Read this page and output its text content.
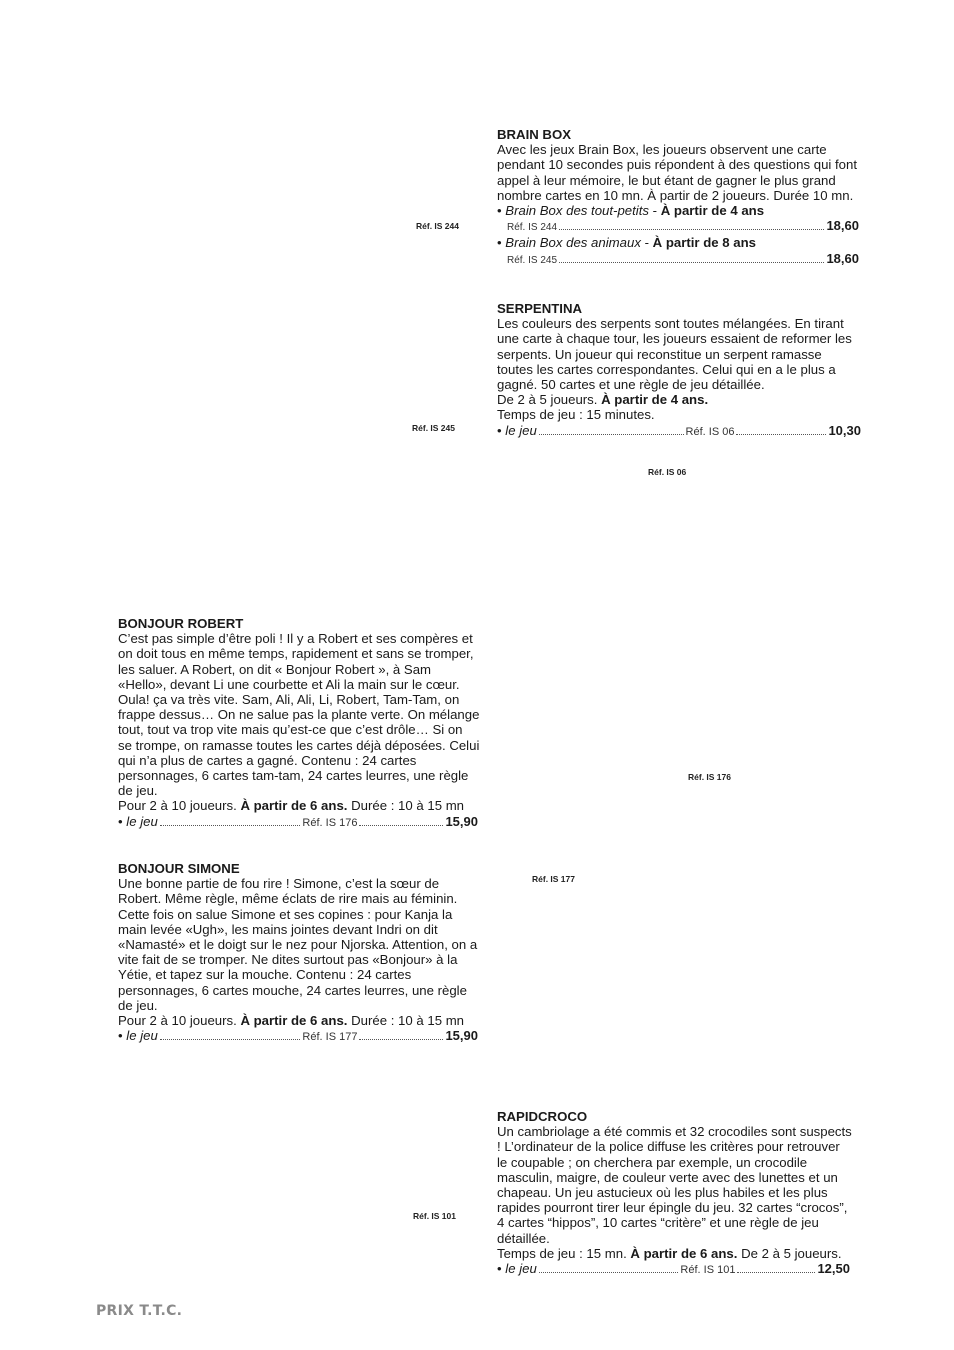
BRAIN BOX

Avec les jeux Brain Box, les joueurs observent une carte pendant 10 secondes puis répondent à des questions qui font appel à leur mémoire, le but étant de gagner le plus grand nombre cartes en 10 mn. À partir de 2 joueurs. Durée 10 mn.

• Brain Box des tout-petits - À partir de 4 ans
Réf. IS 244	18,60
• Brain Box des animaux - À partir de 8 ans
Réf. IS 245	18,60
SERPENTINA

Les couleurs des serpents sont toutes mélangées. En tirant une carte à chaque tour, les joueurs essaient de reformer les serpents. Un joueur qui reconstitue un serpent ramasse toutes les cartes correspondantes. Celui qui en a le plus a gagné. 50 cartes et une règle de jeu détaillée.

De 2 à 5 joueurs. À partir de 4 ans.

Temps de jeu : 15 minutes.

•
le jeu	Réf. IS 06	10,30
BONJOUR ROBERT

C’est pas simple d’être poli ! Il y a Robert et ses compères et on doit tous en même temps, rapidement et sans se tromper, les saluer. A Robert, on dit « Bonjour Robert », à Sam «Hello», devant Li une courbette et Ali la main sur le cœur. Oula! ça va très vite. Sam, Ali, Ali, Li, Robert, Tam-Tam, on frappe dessus… On ne salue pas la plante verte. On mélange tout, tout va trop vite mais qu’est-ce que c’est drôle… Si on se trompe, on ramasse toutes les cartes déjà déposées. Celui qui n’a plus de cartes a gagné. Contenu : 24 cartes personnages, 6 cartes tam-tam, 24 cartes leurres, une règle de jeu.

Pour 2 à 10 joueurs. À partir de 6 ans. Durée : 10 à 15 mn

•
le jeu	Réf. IS 176	15,90
BONJOUR SIMONE

Une bonne partie de fou rire ! Simone, c’est la sœur de Robert. Même règle, même éclats de rire mais au féminin. Cette fois on salue Simone et ses copines : pour Kanja la main levée «Ugh», les mains jointes devant Indri on dit «Namasté» et le doigt sur le nez pour Njorska. Attention, on a vite fait de se tromper. Ne dites surtout pas «Bonjour» à la Yétie, et tapez sur la mouche. Contenu : 24 cartes personnages, 6 cartes mouche, 24 cartes leurres, une règle de jeu.

Pour 2 à 10 joueurs. À partir de 6 ans. Durée : 10 à 15 mn

•
le jeu	Réf. IS 177	15,90
RAPIDCROCO

Un cambriolage a été commis et 32 crocodiles sont suspects ! L’ordinateur de la police diffuse les critères pour retrouver le coupable ; on cherchera par exemple, un crocodile masculin, maigre, de couleur verte avec des lunettes et un chapeau. Un jeu astucieux où les plus habiles et les plus rapides pourront tirer leur épingle du jeu. 32 cartes “crocos”, 4 cartes “hippos”, 10 cartes “critère” et une règle de jeu détaillée.

Temps de jeu : 15 mn. À partir de 6 ans. De 2 à 5 joueurs.

•
le jeu	Réf. IS 101	12,50
Réf. IS 244
Réf. IS 245
Réf. IS 06
Réf. IS 176
Réf. IS 177
Réf. IS 101
PRIX T.T.C.
